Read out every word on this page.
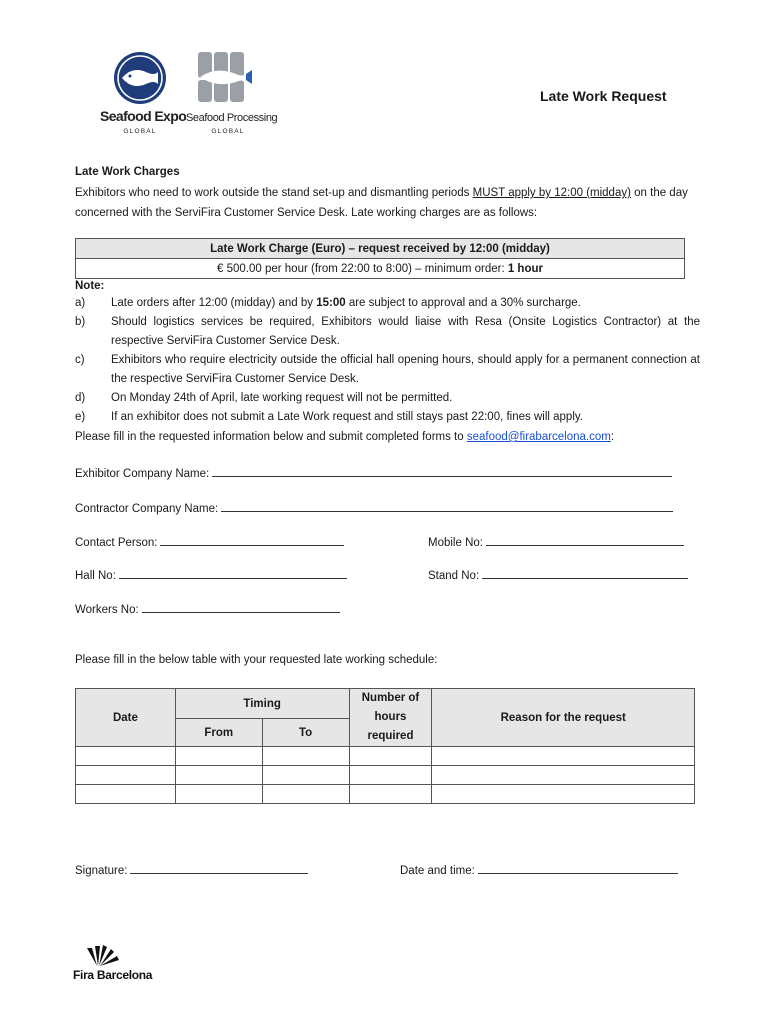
Seafood Expo
GLOBAL
Seafood Processing
GLOBAL
Late Work Request
Late Work Charges
Exhibitors who need to work outside the stand set-up and dismantling periods MUST apply by 12:00 (midday) on the day concerned with the ServiFira Customer Service Desk. Late working charges are as follows:
Late Work Charge (Euro) – request received by 12:00 (midday)
€ 500.00 per hour (from 22:00 to 8:00) – minimum order: 1 hour
Note:
a)	Late orders after 12:00 (midday) and by 15:00 are subject to approval and a 30% surcharge.
b)	Should logistics services be required, Exhibitors would liaise with Resa (Onsite Logistics Contractor) at the respective ServiFira Customer Service Desk.
c)	Exhibitors who require electricity outside the official hall opening hours, should apply for a permanent connection at the respective ServiFira Customer Service Desk.
d)	On Monday 24th of April, late working request will not be permitted.
e)	If an exhibitor does not submit a Late Work request and still stays past 22:00, fines will apply.
Please fill in the requested information below and submit completed forms to seafood@firabarcelona.com:
Exhibitor Company Name:
Contractor Company Name:
Contact Person:	Mobile No:
Hall No:	Stand No:
Workers No:
Please fill in the below table with your requested late working schedule:
Date	Timing		Number of hours required	Reason for the request
	From	To		

Signature:	Date and time:
Fira Barcelona
